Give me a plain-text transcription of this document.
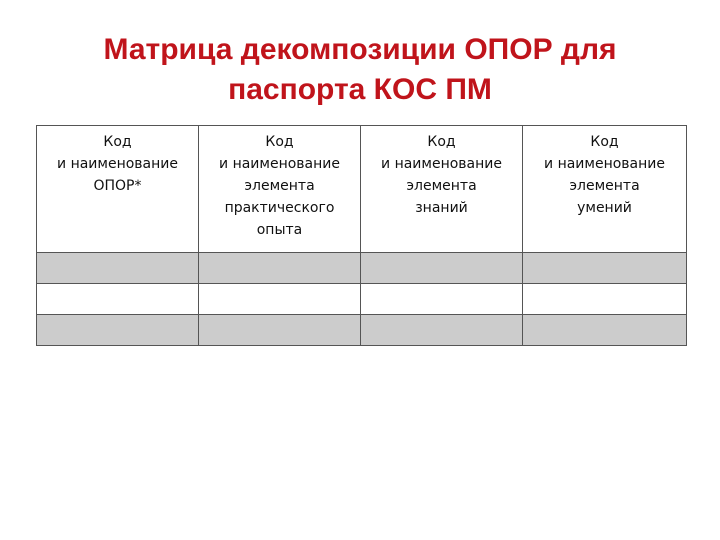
Матрица декомпозиции ОПОР для
паспорта КОС ПМ
Код
и наименование
ОПОР*	Код
и наименование
элемента
практического
опыта	Код
и наименование
элемента
знаний	Код
и наименование
элемента
умений
